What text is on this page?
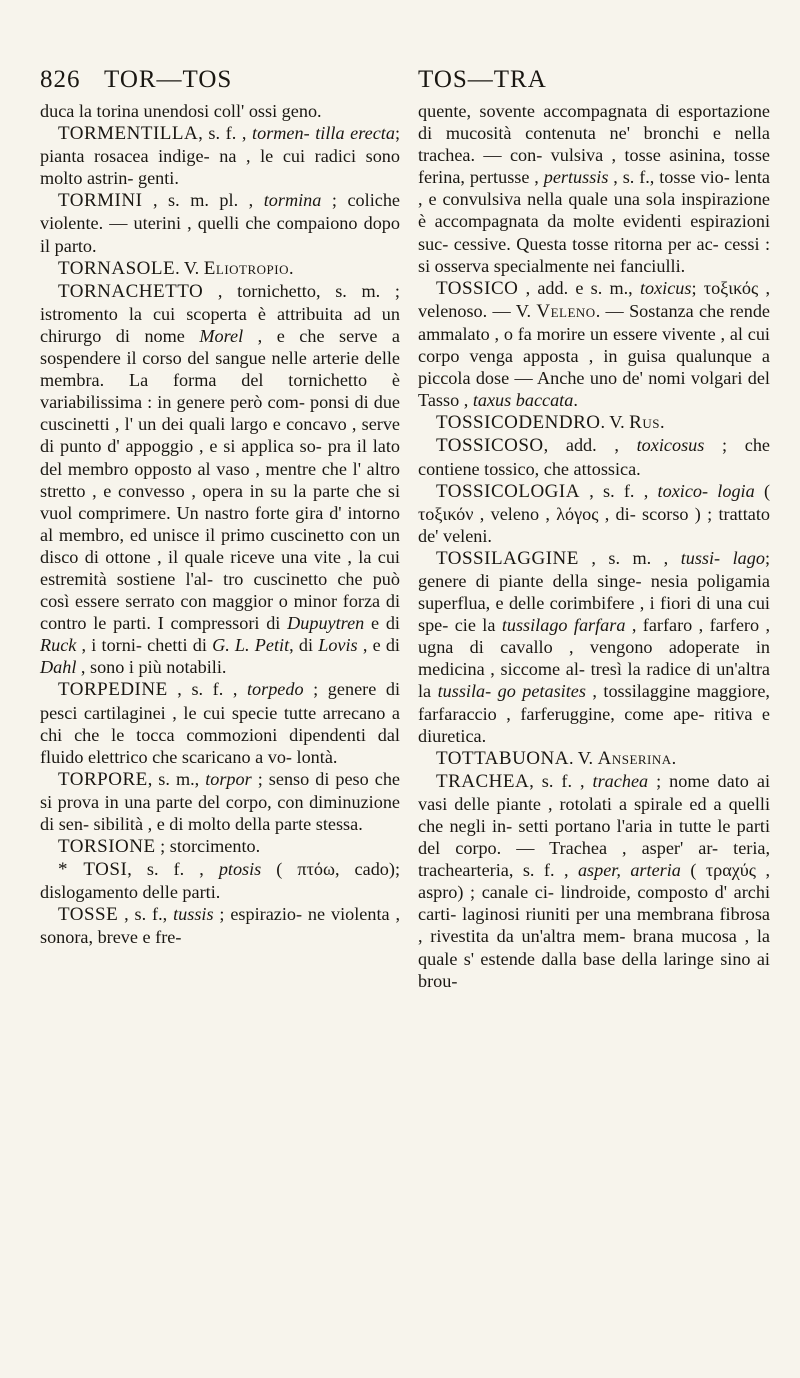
826 TOR—TOS	TOS—TRA

duca la torina unendosi coll' ossi geno.

TORMENTILLA, s. f. , tormen- tilla erecta; pianta rosacea indige- na , le cui radici sono molto astrin- genti.

TORMINI , s. m. pl. , tormina ; coliche violente. — uterini , quelli che compaiono dopo il parto.

TORNASOLE. V. Eliotropio.

TORNACHETTO , tornichetto, s. m. ; istromento la cui scoperta è attribuita ad un chirurgo di nome Morel , e che serve a sospendere il corso del sangue nelle arterie delle membra. La forma del tornichetto è variabilissima : in genere però com- ponsi di due cuscinetti , l' un dei quali largo e concavo , serve di punto d' appoggio , e si applica so- pra il lato del membro opposto al vaso , mentre che l' altro stretto , e convesso , opera in su la parte che si vuol comprimere. Un nastro forte gira d' intorno al membro, ed unisce il primo cuscinetto con un disco di ottone , il quale riceve una vite , la cui estremità sostiene l'al- tro cuscinetto che può così essere serrato con maggior o minor forza di contro le parti. I compressori di Dupuytren e di Ruck , i torni- chetti di G. L. Petit, di Lovis , e di Dahl , sono i più notabili.

TORPEDINE , s. f. , torpedo ; genere di pesci cartilaginei , le cui specie tutte arrecano a chi che le tocca commozioni dipendenti dal fluido elettrico che scaricano a vo- lontà.

TORPORE, s. m., torpor ; senso di peso che si prova in una parte del corpo, con diminuzione di sen- sibilità , e di molto della parte stessa.

TORSIONE ; storcimento.

* TOSI, s. f. , ptosis ( πτόω, cado); dislogamento delle parti.

TOSSE , s. f., tussis ; espirazio- ne violenta , sonora, breve e fre-

quente, sovente accompagnata di esportazione di mucosità contenuta ne' bronchi e nella trachea. — con- vulsiva , tosse asinina, tosse ferina, pertusse , pertussis , s. f., tosse vio- lenta , e convulsiva nella quale una sola inspirazione è accompagnata da molte evidenti espirazioni suc- cessive. Questa tosse ritorna per ac- cessi : si osserva specialmente nei fanciulli.

TOSSICO , add. e s. m., toxicus; τοξικός , velenoso. — V. Veleno. — Sostanza che rende ammalato , o fa morire un essere vivente , al cui corpo venga apposta , in guisa qualunque a piccola dose — Anche uno de' nomi volgari del Tasso , taxus baccata.

TOSSICODENDRO. V. Rus.

TOSSICOSO, add. , toxicosus ; che contiene tossico, che attossica.

TOSSICOLOGIA , s. f. , toxico- logia ( τοξικόν , veleno , λόγος , di- scorso ) ; trattato de' veleni.

TOSSILAGGINE , s. m. , tussi- lago; genere di piante della singe- nesia poligamia superflua, e delle corimbifere , i fiori di una cui spe- cie la tussilago farfara , farfaro , farfero , ugna di cavallo , vengono adoperate in medicina , siccome al- tresì la radice di un'altra la tussila- go petasites , tossilaggine maggiore, farfaraccio , farferuggine, come ape- ritiva e diuretica.

TOTTABUONA. V. Anserina.

TRACHEA, s. f. , trachea ; nome dato ai vasi delle piante , rotolati a spirale ed a quelli che negli in- setti portano l'aria in tutte le parti del corpo. — Trachea , asper' ar- teria, trachearteria, s. f. , asper, arteria ( τραχύς , aspro) ; canale ci- lindroide, composto d' archi carti- laginosi riuniti per una membrana fibrosa , rivestita da un'altra mem- brana mucosa , la quale s' estende dalla base della laringe sino ai brou-
